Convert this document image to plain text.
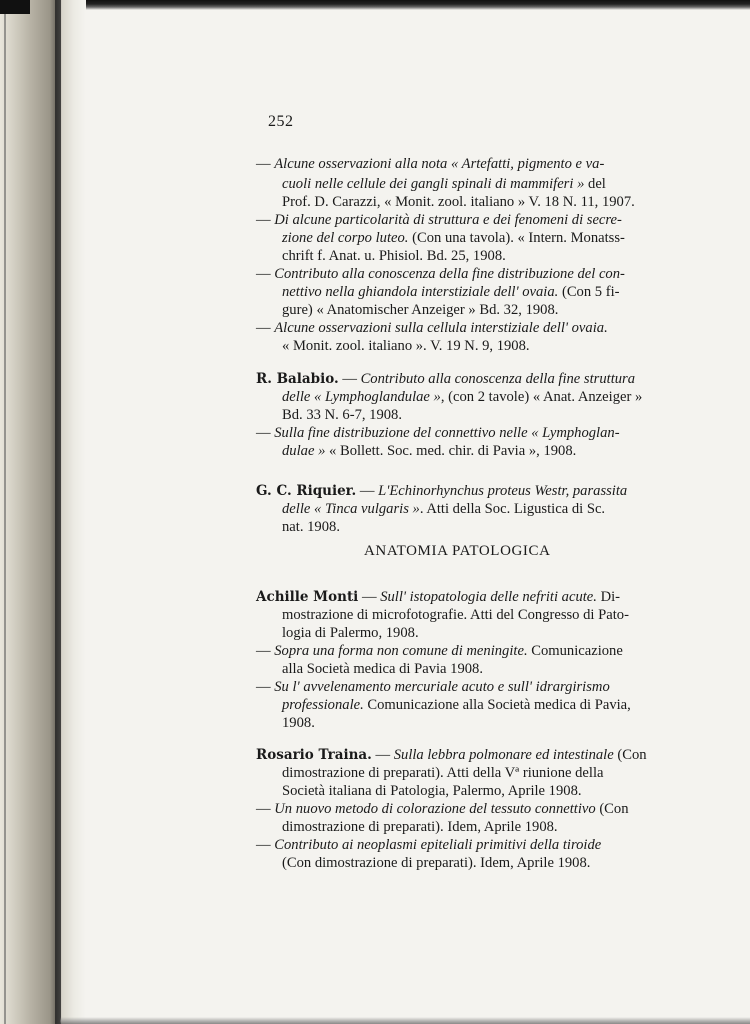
252
— Alcune osservazioni alla nota « Artefatti, pigmento e va-
cuoli nelle cellule dei gangli spinali di mammiferi » del
Prof. D. Carazzi, « Monit. zool. italiano » V. 18 N. 11, 1907.
— Di alcune particolarità di struttura e dei fenomeni di secre-
zione del corpo luteo. (Con una tavola). « Intern. Monatss-
chrift f. Anat. u. Phisiol. Bd. 25, 1908.
— Contributo alla conoscenza della fine distribuzione del con-
nettivo nella ghiandola interstiziale dell' ovaia. (Con 5 fi-
gure) « Anatomischer Anzeiger » Bd. 32, 1908.
— Alcune osservazioni sulla cellula interstiziale dell' ovaia.
« Monit. zool. italiano ». V. 19 N. 9, 1908.
R. Balabio. — Contributo alla conoscenza della fine struttura
delle « Lymphoglandulae », (con 2 tavole) « Anat. Anzeiger »
Bd. 33 N. 6-7, 1908.
— Sulla fine distribuzione del connettivo nelle « Lymphoglan-
dulae » « Bollett. Soc. med. chir. di Pavia », 1908.
G. C. Riquier. — L'Echinorhynchus proteus Westr, parassita
delle « Tinca vulgaris ». Atti della Soc. Ligustica di Sc.
nat. 1908.
ANATOMIA PATOLOGICA
Achille Monti — Sull' istopatologia delle nefriti acute. Di-
mostrazione di microfotografie. Atti del Congresso di Pato-
logia di Palermo, 1908.
— Sopra una forma non comune di meningite. Comunicazione
alla Società medica di Pavia 1908.
— Su l' avvelenamento mercuriale acuto e sull' idrargirismo
professionale. Comunicazione alla Società medica di Pavia,
1908.
Rosario Traina. — Sulla lebbra polmonare ed intestinale (Con
dimostrazione di preparati). Atti della Vª riunione della
Società italiana di Patologia, Palermo, Aprile 1908.
— Un nuovo metodo di colorazione del tessuto connettivo (Con
dimostrazione di preparati). Idem, Aprile 1908.
— Contributo ai neoplasmi epiteliali primitivi della tiroide
(Con dimostrazione di preparati). Idem, Aprile 1908.
